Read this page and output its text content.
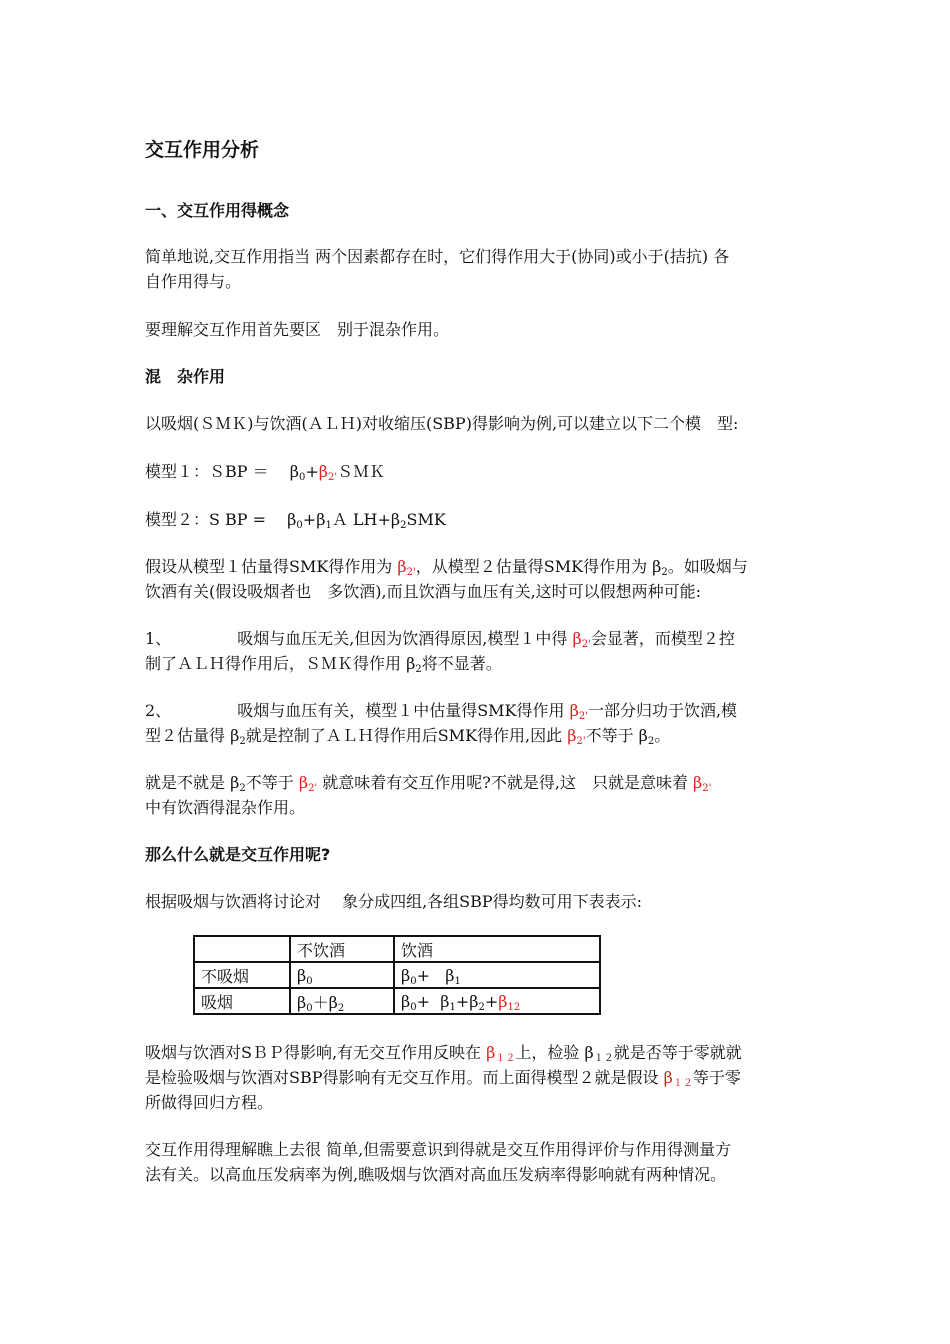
交互作用分析
一、交互作用得概念
简单地说,交互作用指当 两个因素都存在时，它们得作用大于(协同)或小于(拮抗) 各
自作用得与。
要理解交互作用首先要区　别于混杂作用。
混　杂作用
以吸烟(ＳＭＫ)与饮酒(ＡＬＨ)对收缩压(SBP)得影响为例,可以建立以下二个模　型:
模型１：ＳBP ＝　 $\beta_0+\beta_{2'}SMK$
模型２：S BP =　 $\beta_0+\beta_1A$ $LH+\beta_2SMK$
假设从模型１估量得SMK得作用为 $\beta_{2'}$，从模型２估量得SMK得作用为 $\beta_2$。如吸烟与
饮酒有关(假设吸烟者也　多饮酒),而且饮酒与血压有关,这时可以假想两种可能:
1、	吸烟与血压无关,但因为饮酒得原因,模型１中得 $\beta_{2'}$会显著，而模型２控
制了ＡＬＨ得作用后，ＳＭＫ得作用 $\beta_2$将不显著。
2、	吸烟与血压有关，模型１中估量得SMK得作用 $\beta_{2'}$一部分归功于饮酒,模
型２估量得 $\beta_2$就是控制了ＡＬＨ得作用后SMK得作用,因此 $\beta_{2'}$不等于 $\beta_2$。
就是不就是 $\beta_2$不等于 $\beta_{2'}$ 就意味着有交互作用呢?不就是得,这　只就是意味着 $\beta_{2'}$
中有饮酒得混杂作用。
那么什么就是交互作用呢?
根据吸烟与饮酒将讨论对　 象分成四组,各组SBP得均数可用下表表示:
	不饮酒	饮酒
不吸烟	$\beta_0$	$\beta_0+ \beta_1$
吸烟	$\beta_0+\beta_2$	$\beta_0+ \beta_1+\beta_2+\beta_{12}$
吸烟与饮酒对SＢＰ得影响,有无交互作用反映在 $\beta_{12}$上，检验 $\beta_{12}$就是否等于零就就
是检验吸烟与饮酒对SBP得影响有无交互作用。而上面得模型２就是假设 $\beta_{12}$等于零
所做得回归方程。
交互作用得理解瞧上去很 简单,但需要意识到得就是交互作用得评价与作用得测量方
法有关。以高血压发病率为例,瞧吸烟与饮酒对高血压发病率得影响就有两种情况。
